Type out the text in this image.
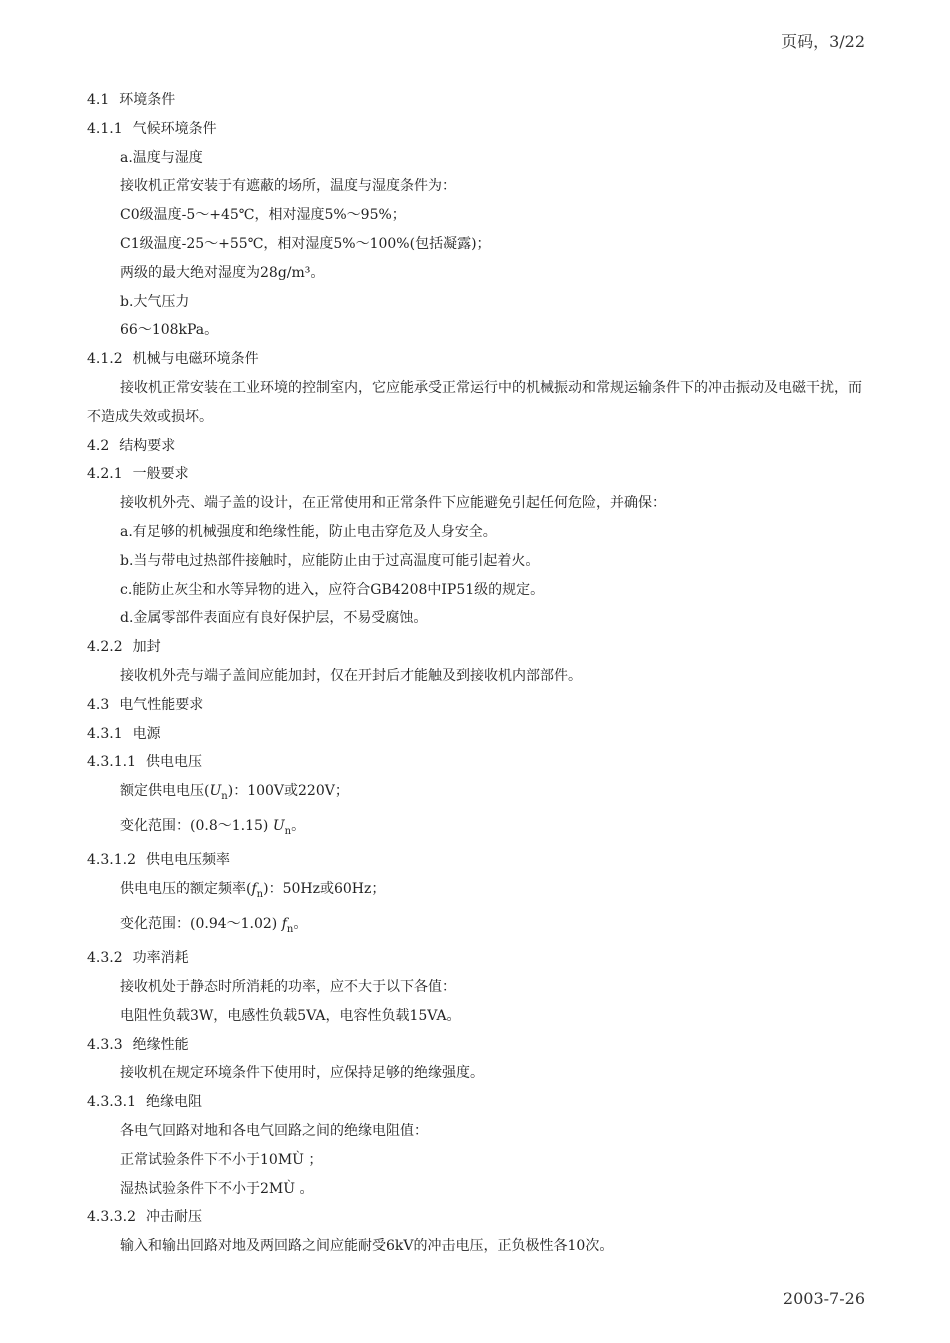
页码，3/22
4.1 环境条件
4.1.1 气候环境条件
a.温度与湿度
接收机正常安装于有遮蔽的场所，温度与湿度条件为：
C0级温度-5～+45℃，相对湿度5%～95%；
C1级温度-25～+55℃，相对湿度5%～100%(包括凝露)；
两级的最大绝对湿度为28g/m³。
b.大气压力
66～108kPa。
4.1.2 机械与电磁环境条件
接收机正常安装在工业环境的控制室内，它应能承受正常运行中的机械振动和常规运输条件下的冲击振动及电磁干扰，而不造成失效或损坏。
4.2 结构要求
4.2.1 一般要求
接收机外壳、端子盖的设计，在正常使用和正常条件下应能避免引起任何危险，并确保：
a.有足够的机械强度和绝缘性能，防止电击穿危及人身安全。
b.当与带电过热部件接触时，应能防止由于过高温度可能引起着火。
c.能防止灰尘和水等异物的进入，应符合GB4208中IP51级的规定。
d.金属零部件表面应有良好保护层，不易受腐蚀。
4.2.2 加封
接收机外壳与端子盖间应能加封，仅在开封后才能触及到接收机内部部件。
4.3 电气性能要求
4.3.1 电源
4.3.1.1 供电电压
额定供电电压$(U_n)$：100V或220V；
变化范围：(0.8～1.15) $U_n$。
4.3.1.2 供电电压频率
供电电压的额定频率$(f_n)$：50Hz或60Hz；
变化范围：(0.94～1.02) $f_n$。
4.3.2 功率消耗
接收机处于静态时所消耗的功率，应不大于以下各值：
电阻性负载3W，电感性负载5VA，电容性负载15VA。
4.3.3 绝缘性能
接收机在规定环境条件下使用时，应保持足够的绝缘强度。
4.3.3.1 绝缘电阻
各电气回路对地和各电气回路之间的绝缘电阻值：
正常试验条件下不小于10MÙ ；
湿热试验条件下不小于2MÙ 。
4.3.3.2 冲击耐压
输入和输出回路对地及两回路之间应能耐受6kV的冲击电压，正负极性各10次。
2003-7-26
